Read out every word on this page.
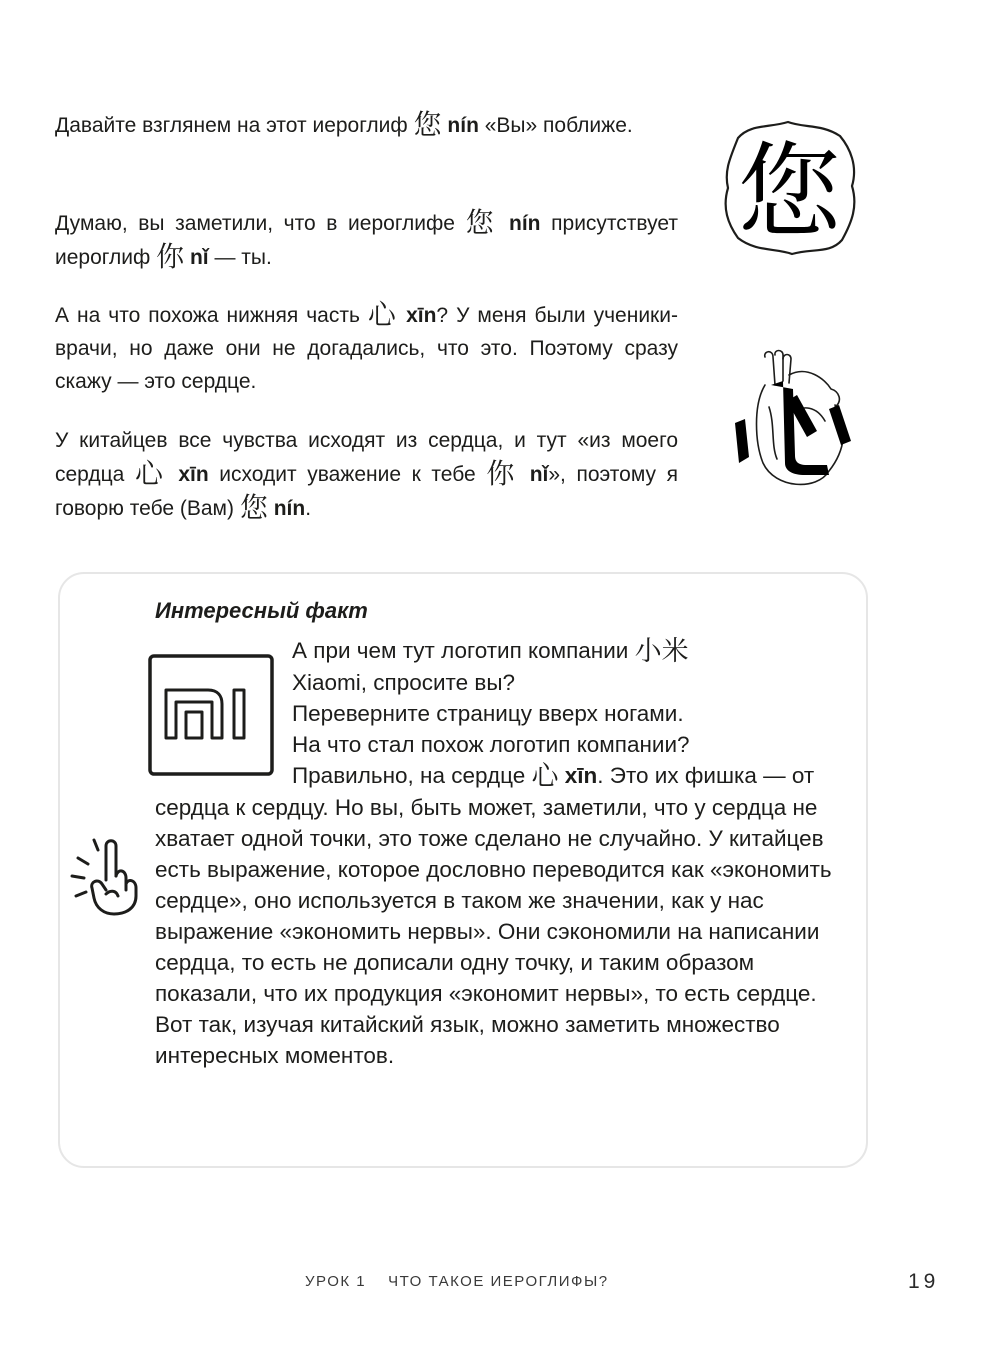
Давайте взглянем на этот иероглиф 您 nín «Вы» поближе.

Думаю, вы заметили, что в иероглифе 您 nín присутствует иероглиф 你 nǐ — ты.

А на что похожа нижняя часть 心 xīn? У меня были ученики-врачи, но даже они не догадались, что это. Поэтому сразу скажу — это сердце.

У китайцев все чувства исходят из сердца, и тут «из моего сердца 心 xīn исходит уважение к тебе 你 nǐ», поэтому я говорю тебе (Вам) 您 nín.

您

Интересный факт

А при чем тут логотип компании 小米
Xiaomi, спросите вы?
Переверните страницу вверх ногами.
На что стал похож логотип компании?
Правильно, на сердце 心 xīn. Это их фишка — от сердца к сердцу. Но вы, быть может, заметили, что у сердца не хватает одной точки, это тоже сделано не случайно. У китайцев есть выражение, которое дословно переводится как «экономить сердце», оно используется в таком же значении, как у нас выражение «экономить нервы». Они сэкономили на написании сердца, то есть не дописали одну точку, и таким образом показали, что их продукция «экономит нервы», то есть сердце. Вот так, изучая китайский язык, можно заметить множество интересных моментов.

УРОК 1 ЧТО ТАКОЕ ИЕРОГЛИФЫ?	19
